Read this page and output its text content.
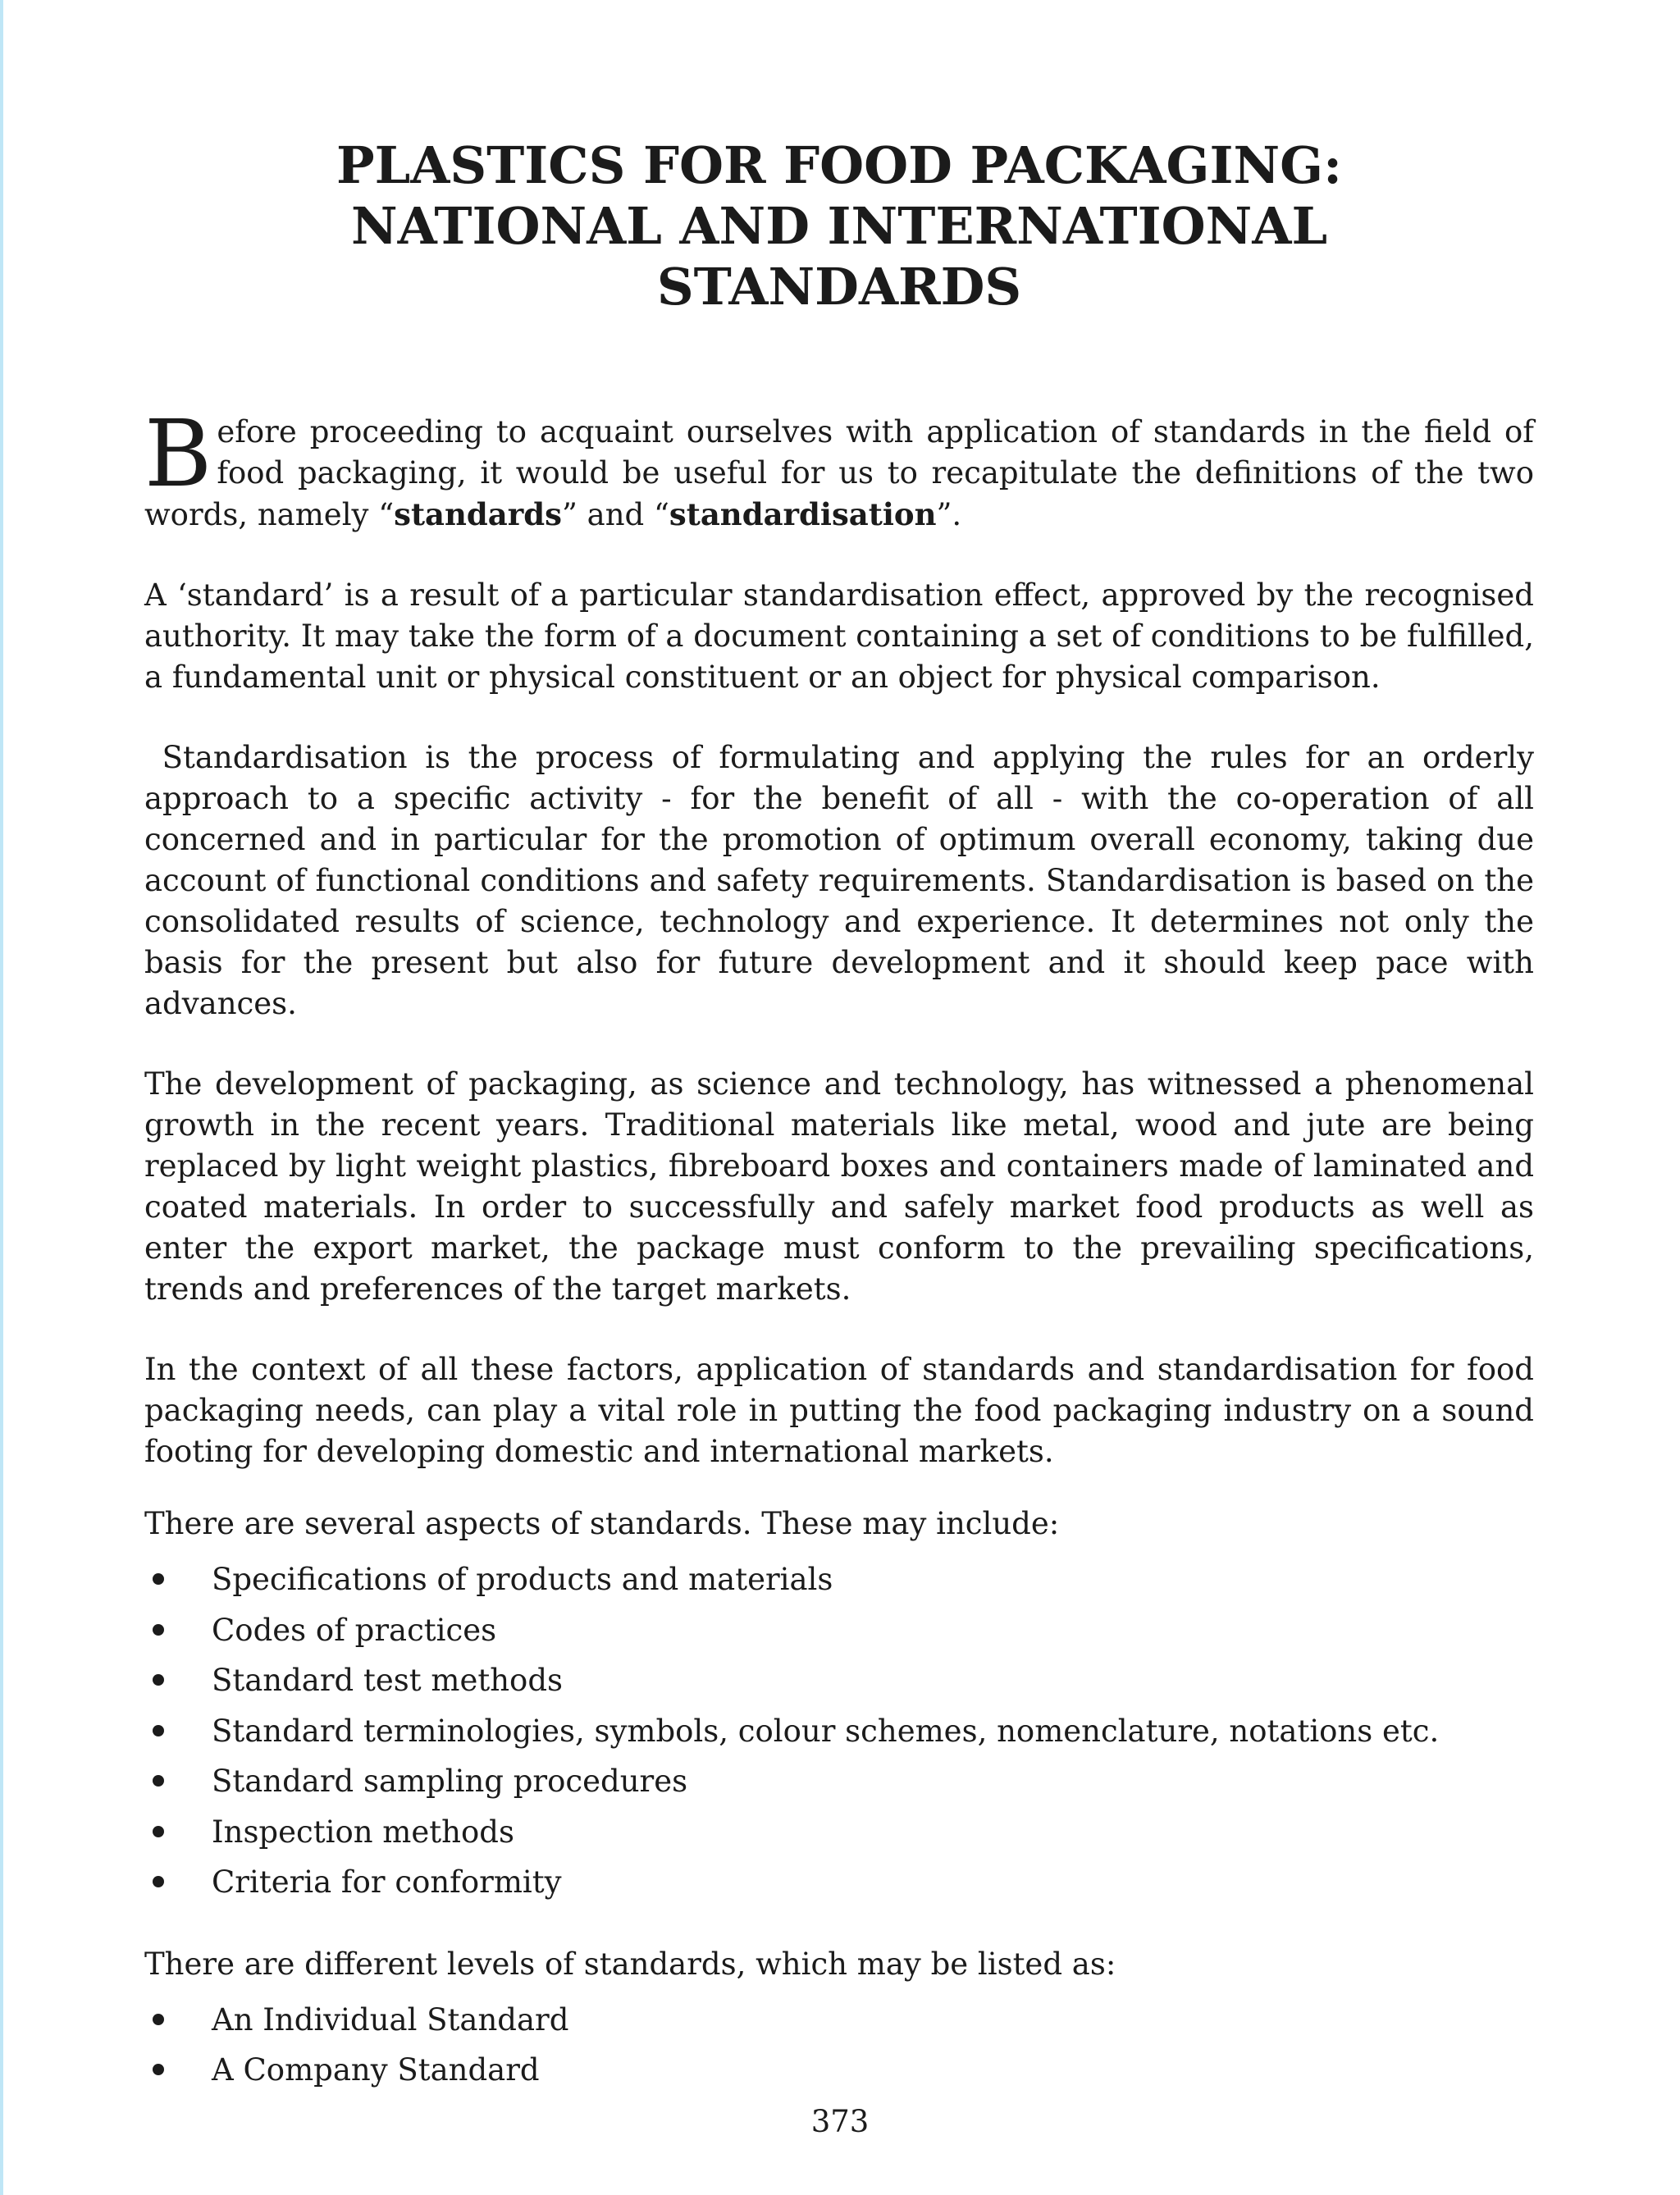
PLASTICS FOR FOOD PACKAGING:
NATIONAL AND INTERNATIONAL
STANDARDS

Before proceeding to acquaint ourselves with application of standards in the field of food packaging, it would be useful for us to recapitulate the definitions of the two words, namely “standards” and “standardisation”.

A ‘standard’ is a result of a particular standardisation effect, approved by the recognised authority. It may take the form of a document containing a set of conditions to be fulfilled, a fundamental unit or physical constituent or an object for physical comparison.

Standardisation is the process of formulating and applying the rules for an orderly approach to a specific activity - for the benefit of all - with the co-operation of all concerned and in particular for the promotion of optimum overall economy, taking due account of functional conditions and safety requirements. Standardisation is based on the consolidated results of science, technology and experience. It determines not only the basis for the present but also for future development and it should keep pace with advances.

The development of packaging, as science and technology, has witnessed a phenomenal growth in the recent years. Traditional materials like metal, wood and jute are being replaced by light weight plastics, fibreboard boxes and containers made of laminated and coated materials. In order to successfully and safely market food products as well as enter the export market, the package must conform to the prevailing specifications, trends and preferences of the target markets.

In the context of all these factors, application of standards and standardisation for food packaging needs, can play a vital role in putting the food packaging industry on a sound footing for developing domestic and international markets.

There are several aspects of standards. These may include:

Specifications of products and materials
Codes of practices
Standard test methods
Standard terminologies, symbols, colour schemes, nomenclature, notations etc.
Standard sampling procedures
Inspection methods
Criteria for conformity

There are different levels of standards, which may be listed as:

An Individual Standard
A Company Standard
373
